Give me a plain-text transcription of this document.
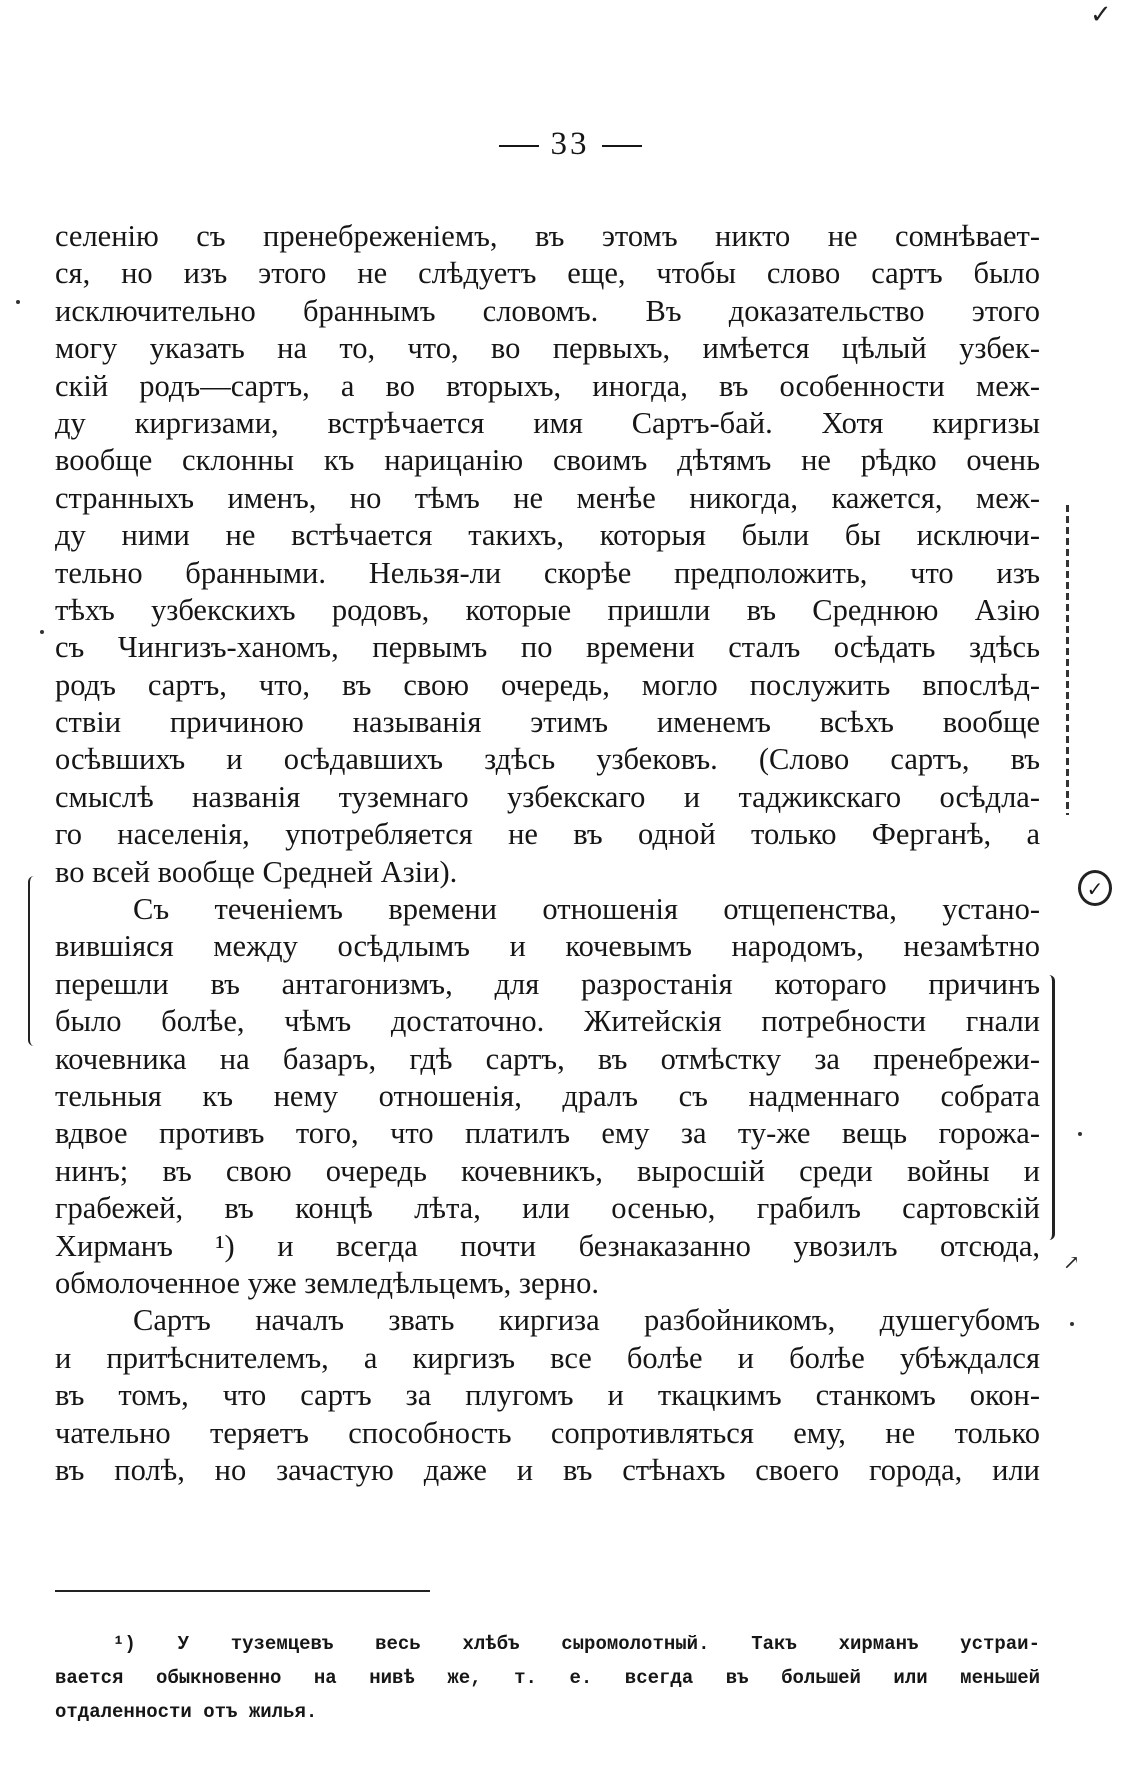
33
селенію съ пренебреженіемъ, въ этомъ никто не сомнѣвает-
ся, но изъ этого не слѣдуетъ еще, чтобы слово сартъ было
исключительно браннымъ словомъ. Въ доказательство этого
могу указать на то, что, во первыхъ, имѣется цѣлый узбек-
скій родъ—сартъ, а во вторыхъ, иногда, въ особенности меж-
ду киргизами, встрѣчается имя Сартъ-бай. Хотя киргизы
вообще склонны къ нарицанію своимъ дѣтямъ не рѣдко очень
странныхъ именъ, но тѣмъ не менѣе никогда, кажется, меж-
ду ними не встѣчается такихъ, которыя были бы исключи-
тельно бранными. Нельзя-ли скорѣе предположить, что изъ
тѣхъ узбекскихъ родовъ, которые пришли въ Среднюю Азію
съ Чингизъ-ханомъ, первымъ по времени сталъ осѣдать здѣсь
родъ сартъ, что, въ свою очередь, могло послужить впослѣд-
ствіи причиною называнія этимъ именемъ всѣхъ вообще
осѣвшихъ и осѣдавшихъ здѣсь узбековъ. (Слово сартъ, въ
смыслѣ названія туземнаго узбекскаго и таджикскаго осѣдла-
го населенія, употребляется не въ одной только Ферганѣ, а
во всей вообще Средней Азіи).
Съ теченіемъ времени отношенія отщепенства, устано-
вившіяся между осѣдлымъ и кочевымъ народомъ, незамѣтно
перешли въ антагонизмъ, для разростанія котораго причинъ
было болѣе, чѣмъ достаточно. Житейскія потребности гнали
кочевника на базаръ, гдѣ сартъ, въ отмѣстку за пренебрежи-
тельныя къ нему отношенія, дралъ съ надменнаго собрата
вдвое противъ того, что платилъ ему за ту-же вещь горожа-
нинъ; въ свою очередь кочевникъ, выросшій среди войны и
грабежей, въ концѣ лѣта, или осенью, грабилъ сартовскій
Хирманъ ¹) и всегда почти безнаказанно увозилъ отсюда,
обмолоченное уже земледѣльцемъ, зерно.
Сартъ началъ звать киргиза разбойникомъ, душегубомъ
и притѣснителемъ, а киргизъ все болѣе и болѣе убѣждался
въ томъ, что сартъ за плугомъ и ткацкимъ станкомъ окон-
чательно теряетъ способность сопротивляться ему, не только
въ полѣ, но зачастую даже и въ стѣнахъ своего города, или
¹) У туземцевъ весь хлѣбъ сыромолотный. Такъ хирманъ устраи-
вается обыкновенно на нивѣ же, т. е. всегда въ большей или меньшей
отдаленности отъ жилья.
✓
✓
↗
